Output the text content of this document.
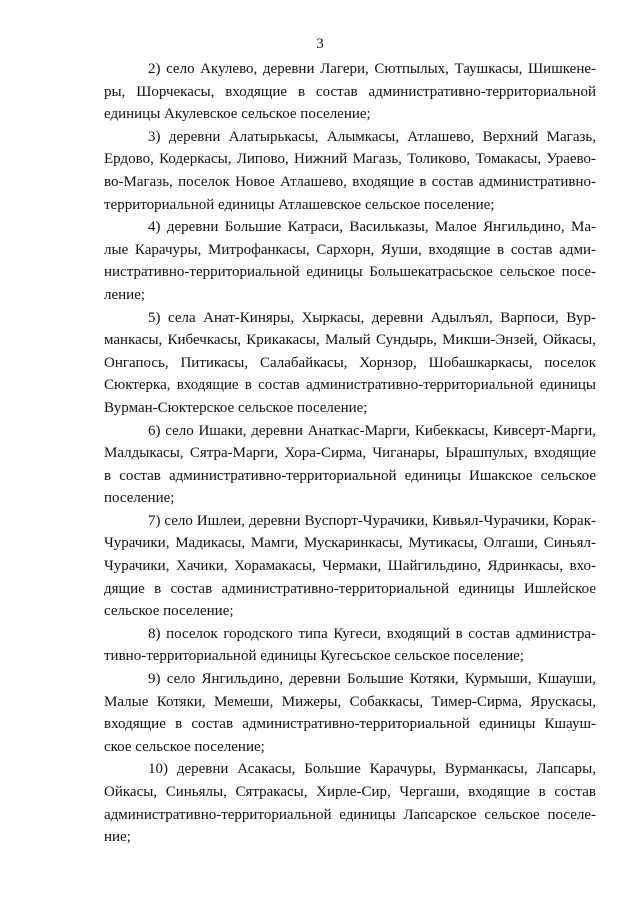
3
2) село Акулево, деревни Лагери, Сютпылых, Таушкасы, Шишкене-
ры, Шорчекасы, входящие в состав административно-территориальной
единицы Акулевское сельское поселение;
3) деревни Алатырькасы, Алымкасы, Атлашево, Верхний Магазь,
Ердово, Кодеркасы, Липово, Нижний Магазь, Толиково, Томакасы, Ураево-
во-Магазь, поселок Новое Атлашево, входящие в состав административно-
территориальной единицы Атлашевское сельское поселение;
4) деревни Большие Катраси, Васильказы, Малое Янгильдино, Ма-
лые Карачуры, Митрофанкасы, Сархорн, Яуши, входящие в состав адми-
нистративно-территориальной единицы Большекатрасьское сельское посе-
ление;
5) села Анат-Киняры, Хыркасы, деревни Адылъял, Варпоси, Вур-
манкасы, Кибечкасы, Крикакасы, Малый Сундырь, Микши-Энзей, Ойкасы,
Онгапось, Питикасы, Салабайкасы, Хорнзор, Шобашкаркасы, поселок
Сюктерка, входящие в состав административно-территориальной единицы
Вурман-Сюктерское сельское поселение;
6) село Ишаки, деревни Анаткас-Марги, Кибеккасы, Кивсерт-Марги,
Малдыкасы, Сятра-Марги, Хора-Сирма, Чиганары, Ырашпулых, входящие
в состав административно-территориальной единицы Ишакское сельское
поселение;
7) село Ишлеи, деревни Вуспорт-Чурачики, Кивьял-Чурачики, Корак-
Чурачики, Мадикасы, Мамги, Мускаринкасы, Мутикасы, Олгаши, Синьял-
Чурачики, Хачики, Хорамакасы, Чермаки, Шайгильдино, Ядринкасы, вхо-
дящие в состав административно-территориальной единицы Ишлейское
сельское поселение;
8) поселок городского типа Кугеси, входящий в состав администра-
тивно-территориальной единицы Кугесьское сельское поселение;
9) село Янгильдино, деревни Большие Котяки, Курмыши, Кшауши,
Малые Котяки, Мемеши, Мижеры, Собаккасы, Тимер-Сирма, Ярускасы,
входящие в состав административно-территориальной единицы Кшауш-
ское сельское поселение;
10) деревни Асакасы, Большие Карачуры, Вурманкасы, Лапсары,
Ойкасы, Синьялы, Сятракасы, Хирле-Сир, Чергаши, входящие в состав
административно-территориальной единицы Лапсарское сельское поселе-
ние;
